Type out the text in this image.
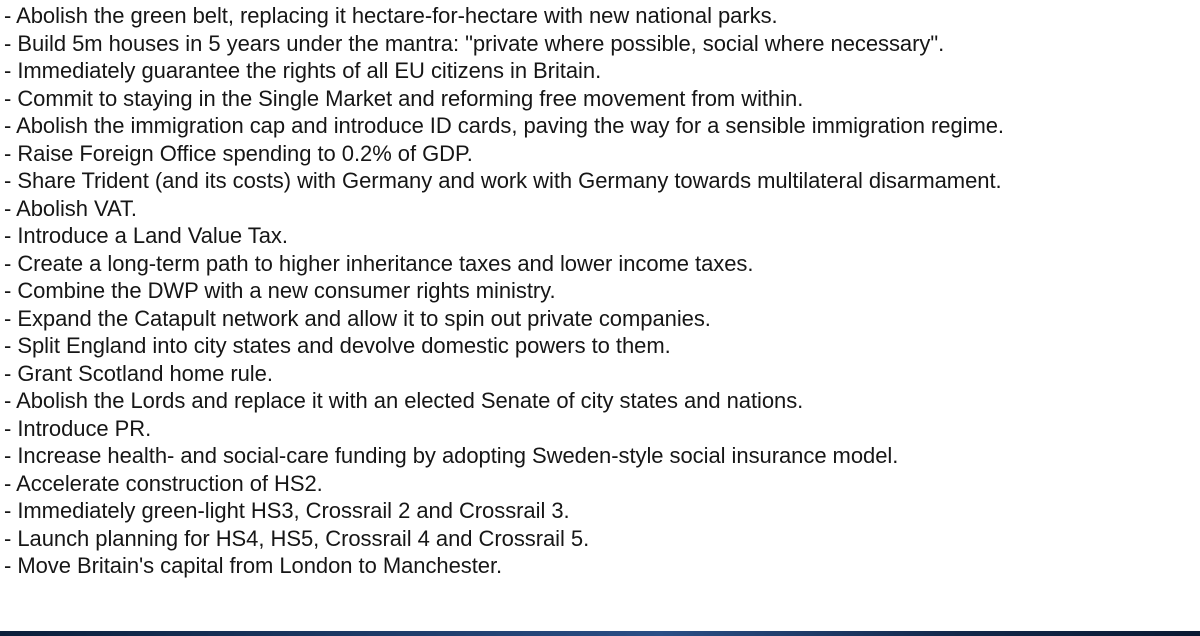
- Abolish the green belt, replacing it hectare-for-hectare with new national parks.
- Build 5m houses in 5 years under the mantra: "private where possible, social where necessary".
- Immediately guarantee the rights of all EU citizens in Britain.
- Commit to staying in the Single Market and reforming free movement from within.
- Abolish the immigration cap and introduce ID cards, paving the way for a sensible immigration regime.
- Raise Foreign Office spending to 0.2% of GDP.
- Share Trident (and its costs) with Germany and work with Germany towards multilateral disarmament.
- Abolish VAT.
- Introduce a Land Value Tax.
- Create a long-term path to higher inheritance taxes and lower income taxes.
- Combine the DWP with a new consumer rights ministry.
- Expand the Catapult network and allow it to spin out private companies.
- Split England into city states and devolve domestic powers to them.
- Grant Scotland home rule.
- Abolish the Lords and replace it with an elected Senate of city states and nations.
- Introduce PR.
- Increase health- and social-care funding by adopting Sweden-style social insurance model.
- Accelerate construction of HS2.
- Immediately green-light HS3, Crossrail 2 and Crossrail 3.
- Launch planning for HS4, HS5, Crossrail 4 and Crossrail 5.
- Move Britain's capital from London to Manchester.
